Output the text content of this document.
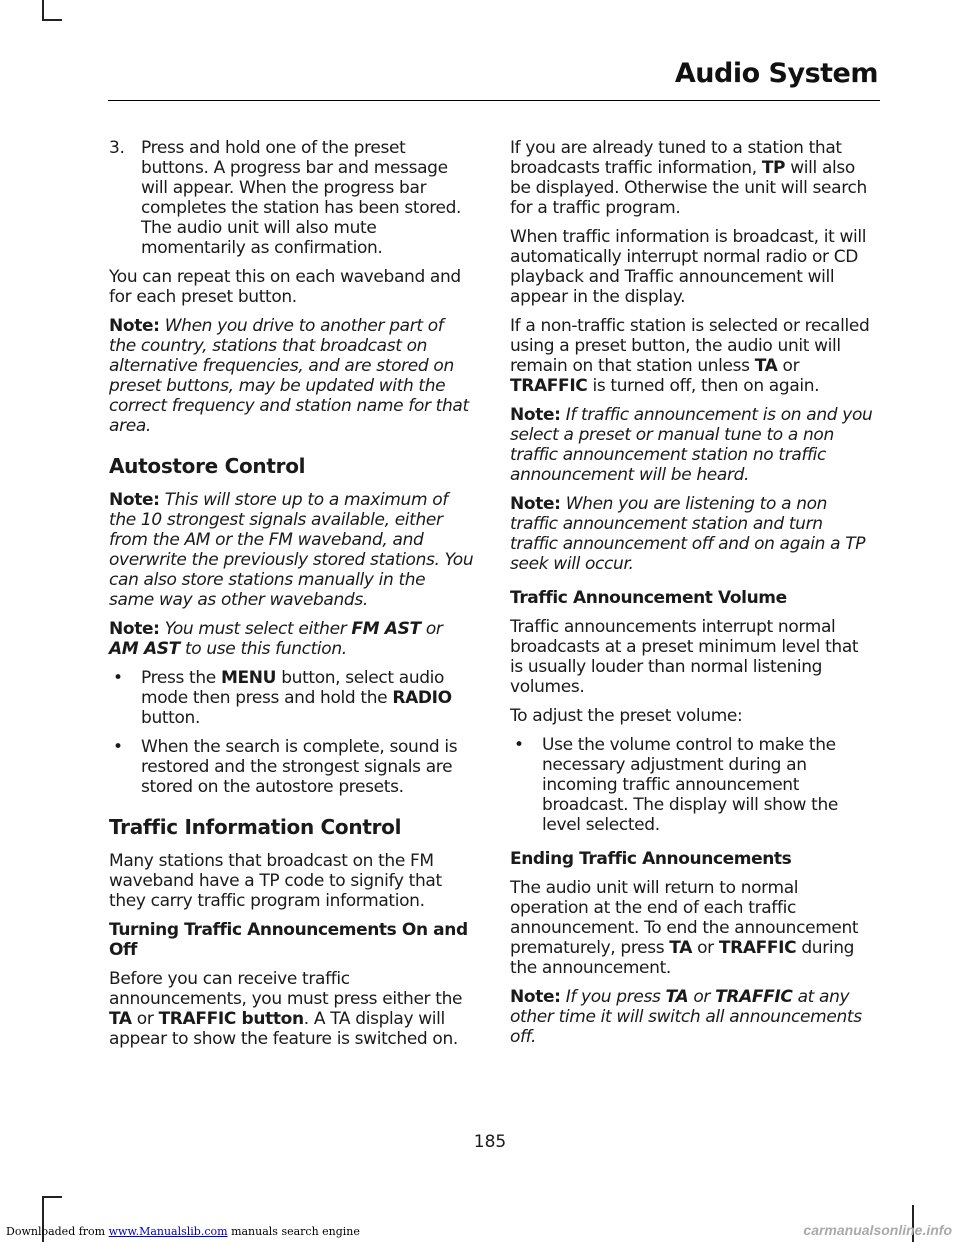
Audio System
3. Press and hold one of the preset buttons. A progress bar and message will appear. When the progress bar completes the station has been stored. The audio unit will also mute momentarily as confirmation.

You can repeat this on each waveband and for each preset button.

Note: When you drive to another part of the country, stations that broadcast on alternative frequencies, and are stored on preset buttons, may be updated with the correct frequency and station name for that area.

Autostore Control

Note: This will store up to a maximum of the 10 strongest signals available, either from the AM or the FM waveband, and overwrite the previously stored stations. You can also store stations manually in the same way as other wavebands.

Note: You must select either FM AST or AM AST to use this function.

•	Press the MENU button, select audio mode then press and hold the RADIO button.
•	When the search is complete, sound is restored and the strongest signals are stored on the autostore presets.
Traffic Information Control

Many stations that broadcast on the FM waveband have a TP code to signify that they carry traffic program information.

Turning Traffic Announcements On and Off

Before you can receive traffic announcements, you must press either the TA or TRAFFIC button. A TA display will appear to show the feature is switched on.

If you are already tuned to a station that broadcasts traffic information, TP will also be displayed. Otherwise the unit will search for a traffic program.

When traffic information is broadcast, it will automatically interrupt normal radio or CD playback and Traffic announcement will appear in the display.

If a non-traffic station is selected or recalled using a preset button, the audio unit will remain on that station unless TA or TRAFFIC is turned off, then on again.

Note: If traffic announcement is on and you select a preset or manual tune to a non traffic announcement station no traffic announcement will be heard.

Note: When you are listening to a non traffic announcement station and turn traffic announcement off and on again a TP seek will occur.

Traffic Announcement Volume

Traffic announcements interrupt normal broadcasts at a preset minimum level that is usually louder than normal listening volumes.

To adjust the preset volume:

•	Use the volume control to make the necessary adjustment during an incoming traffic announcement broadcast. The display will show the level selected.
Ending Traffic Announcements

The audio unit will return to normal operation at the end of each traffic announcement. To end the announcement prematurely, press TA or TRAFFIC during the announcement.

Note: If you press TA or TRAFFIC at any other time it will switch all announcements off.

185
Downloaded from www.Manualslib.com manuals search engine	carmanualsonline.info
